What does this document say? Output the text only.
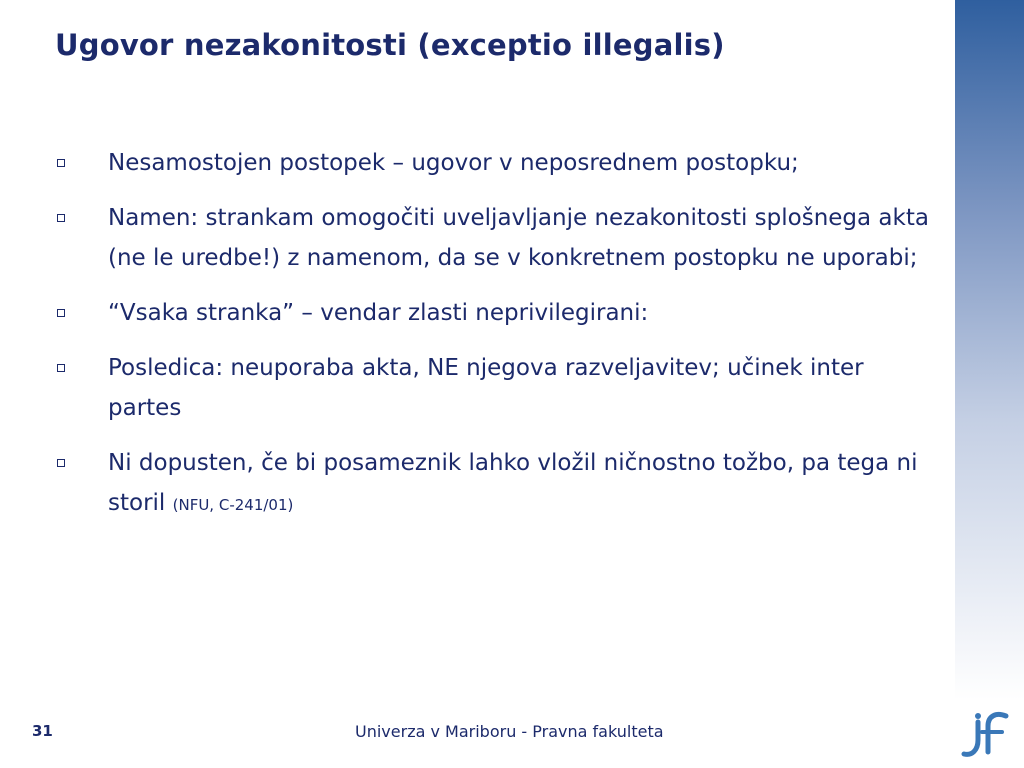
Ugovor nezakonitosti (exceptio illegalis)
Nesamostojen postopek – ugovor v neposrednem postopku;
Namen: strankam omogočiti uveljavljanje nezakonitosti splošnega akta (ne le uredbe!) z namenom, da se v konkretnem postopku ne uporabi;
“Vsaka stranka” – vendar zlasti neprivilegirani:
Posledica: neuporaba akta, NE njegova razveljavitev; učinek inter partes
Ni dopusten, če bi posameznik lahko vložil ničnostno tožbo, pa tega ni storil (NFU, C-241/01)
31	Univerza v Mariboru - Pravna fakulteta
